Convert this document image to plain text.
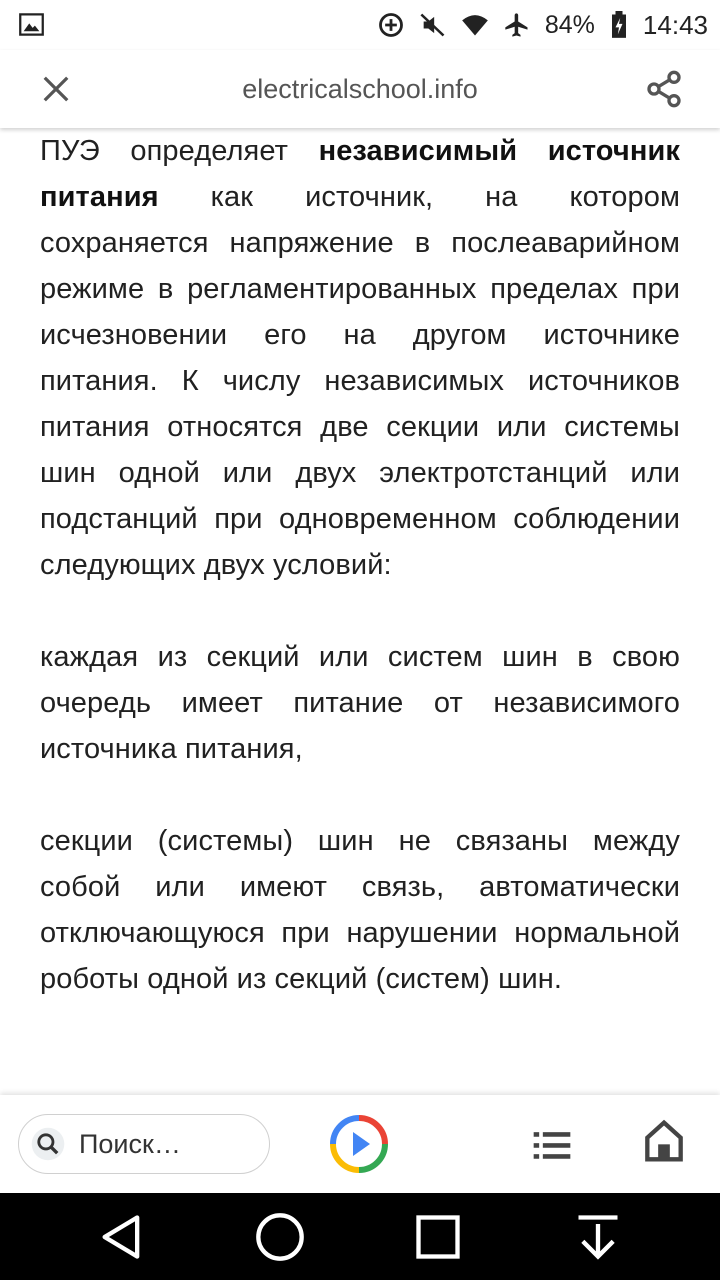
84% 14:43
electricalschool.info

ПУЭ определяет независимый источник питания как источник, на котором сохраняется напряжение в послеаварийном режиме в регламентированных пределах при исчезновении его на другом источнике питания. К числу независимых источников питания относятся две секции или системы шин одной или двух электротстанций или подстанций при одновременном соблюдении следующих двух условий:

каждая из секций или систем шин в свою очередь имеет питание от независимого источника питания,

секции (системы) шин не связаны между собой или имеют связь, автоматически отключающуюся при нарушении нормальной роботы одной из секций (систем) шин.

Поиск…
